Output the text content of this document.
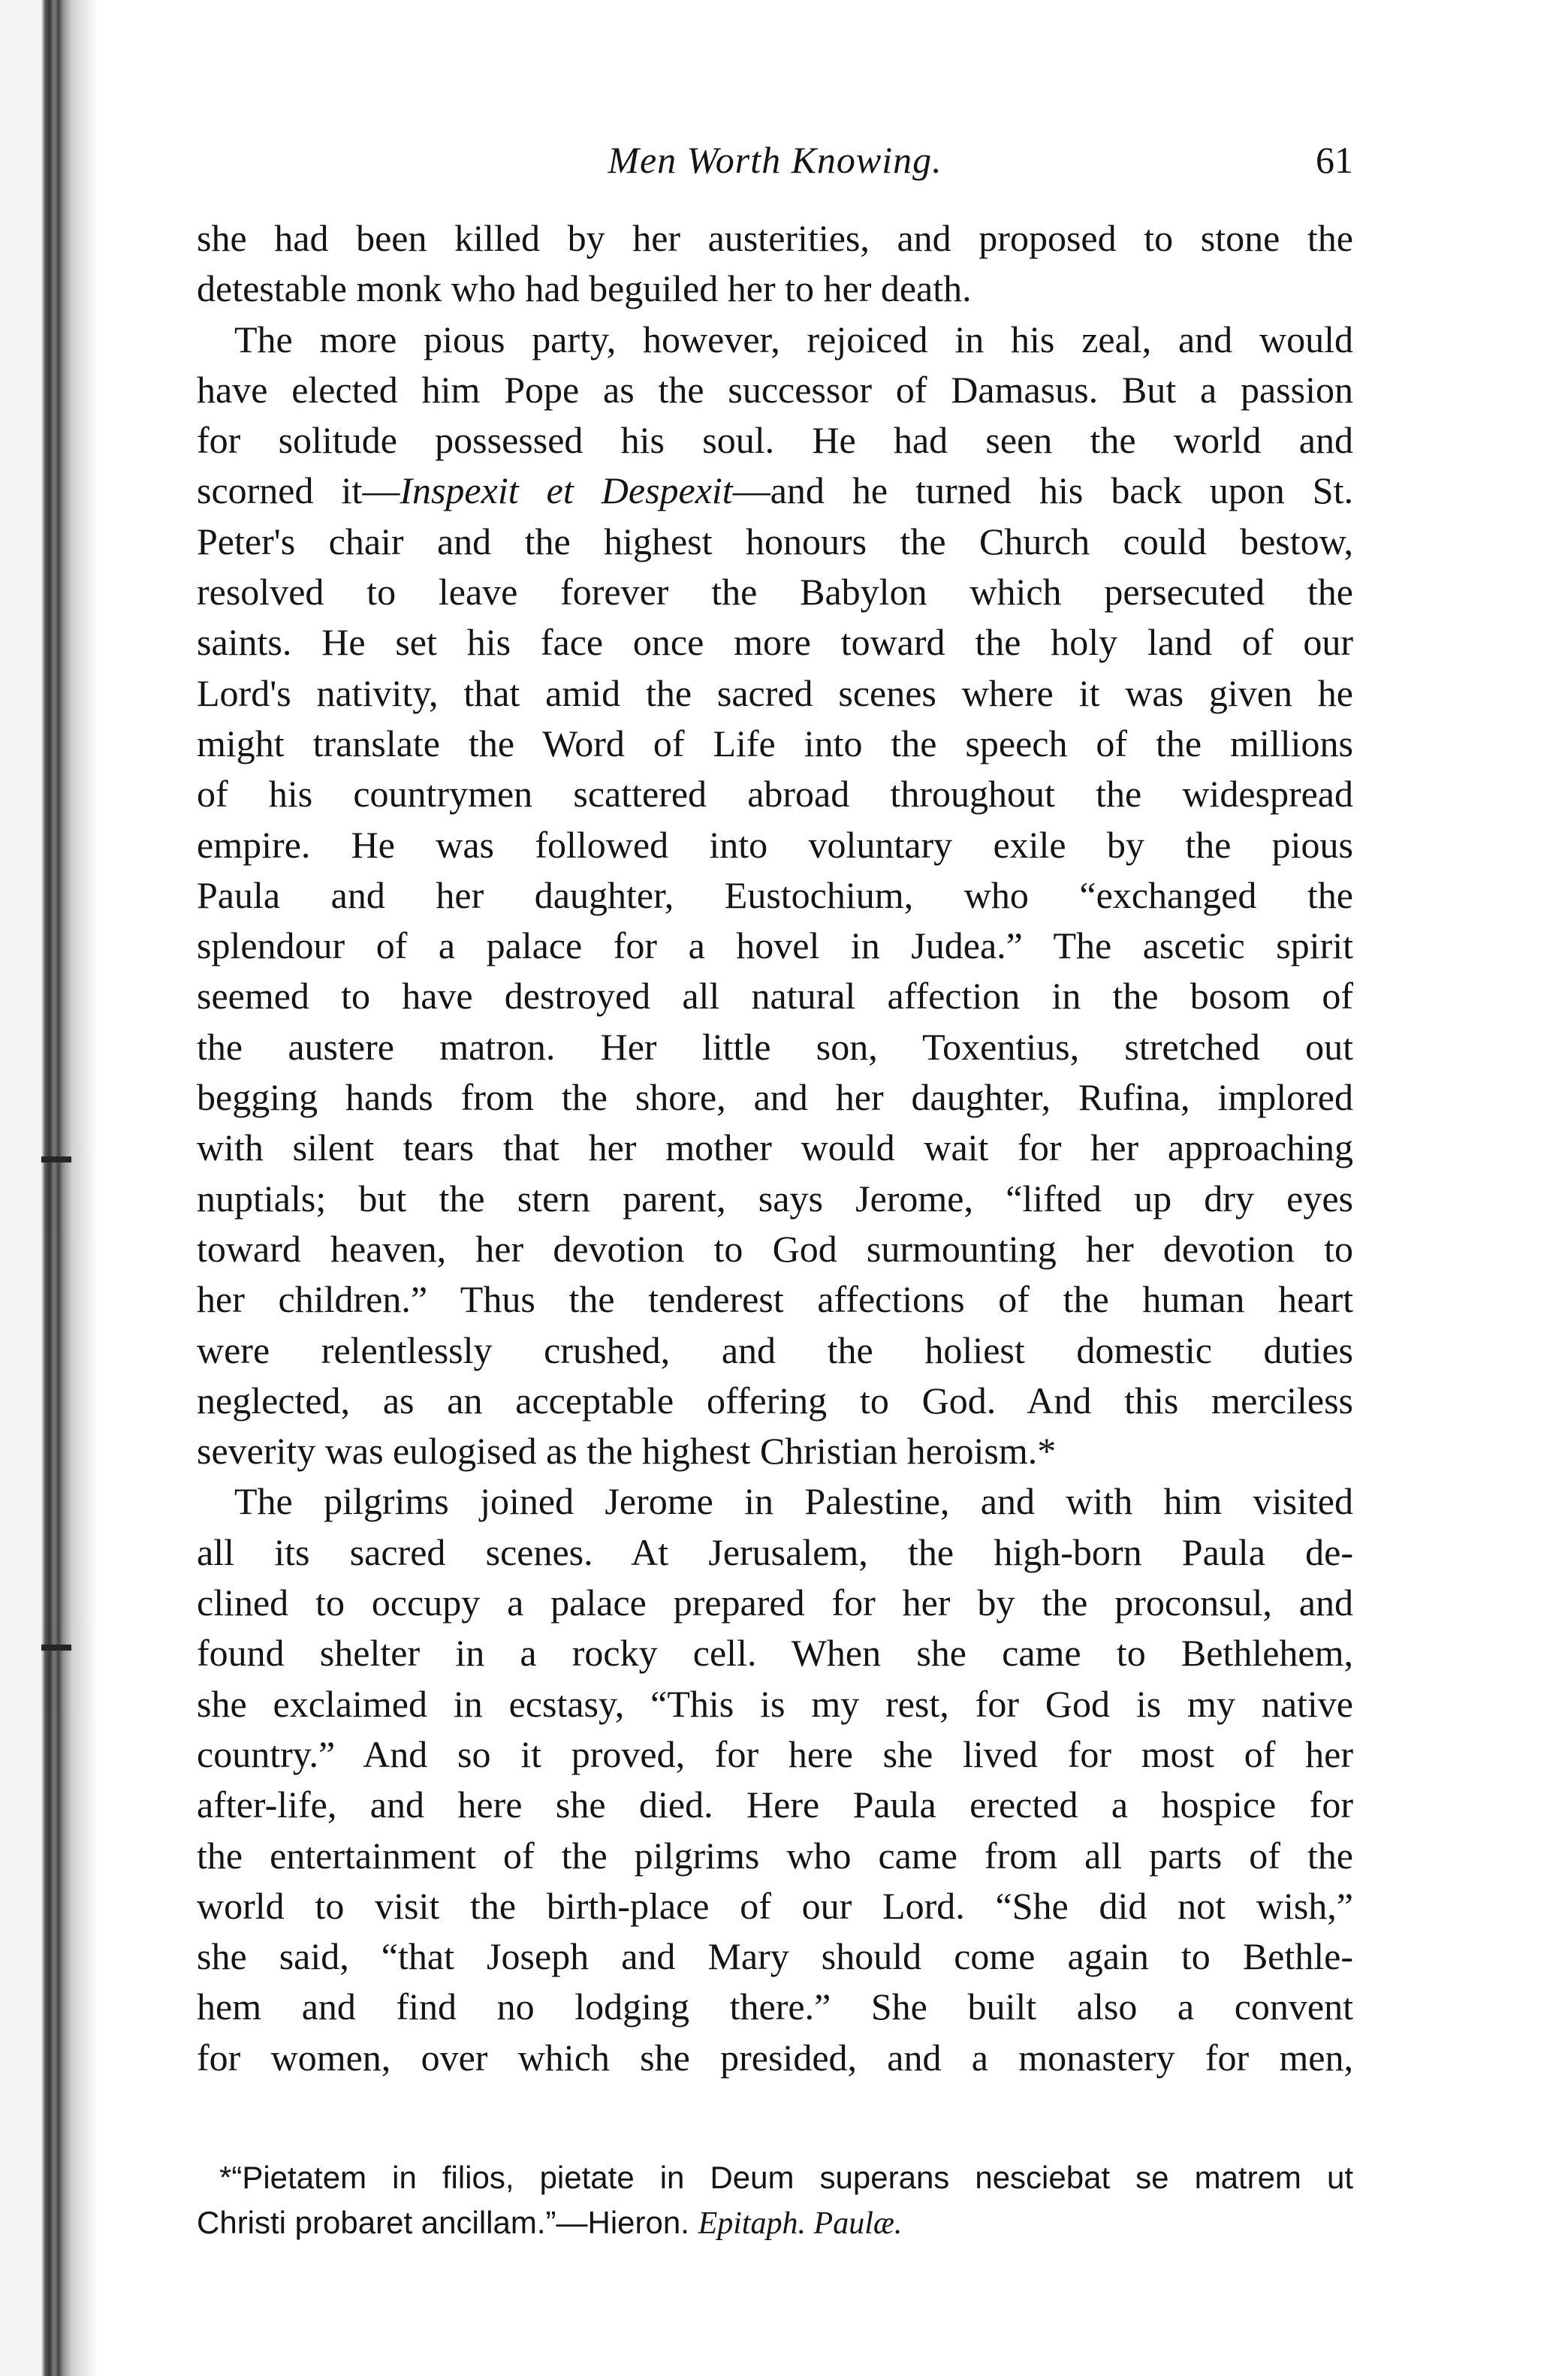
Men Worth Knowing.	61
she had been killed by her austerities, and proposed to stone the
detestable monk who had beguiled her to her death.
The more pious party, however, rejoiced in his zeal, and would
have elected him Pope as the successor of Damasus. But a passion
for solitude possessed his soul. He had seen the world and
scorned it—Inspexit et Despexit—and he turned his back upon St.
Peter's chair and the highest honours the Church could bestow,
resolved to leave forever the Babylon which persecuted the
saints. He set his face once more toward the holy land of our
Lord's nativity, that amid the sacred scenes where it was given he
might translate the Word of Life into the speech of the millions
of his countrymen scattered abroad throughout the widespread
empire. He was followed into voluntary exile by the pious
Paula and her daughter, Eustochium, who “exchanged the
splendour of a palace for a hovel in Judea.” The ascetic spirit
seemed to have destroyed all natural affection in the bosom of
the austere matron. Her little son, Toxentius, stretched out
begging hands from the shore, and her daughter, Rufina, implored
with silent tears that her mother would wait for her approaching
nuptials; but the stern parent, says Jerome, “lifted up dry eyes
toward heaven, her devotion to God surmounting her devotion to
her children.” Thus the tenderest affections of the human heart
were relentlessly crushed, and the holiest domestic duties
neglected, as an acceptable offering to God. And this merciless
severity was eulogised as the highest Christian heroism.*
The pilgrims joined Jerome in Palestine, and with him visited
all its sacred scenes. At Jerusalem, the high-born Paula de-
clined to occupy a palace prepared for her by the proconsul, and
found shelter in a rocky cell. When she came to Bethlehem,
she exclaimed in ecstasy, “This is my rest, for God is my native
country.” And so it proved, for here she lived for most of her
after-life, and here she died. Here Paula erected a hospice for
the entertainment of the pilgrims who came from all parts of the
world to visit the birth-place of our Lord. “She did not wish,”
she said, “that Joseph and Mary should come again to Bethle-
hem and find no lodging there.” She built also a convent
for women, over which she presided, and a monastery for men,
*“Pietatem in filios, pietate in Deum superans nesciebat se matrem ut
Christi probaret ancillam.”—Hieron. Epitaph. Paulæ.
